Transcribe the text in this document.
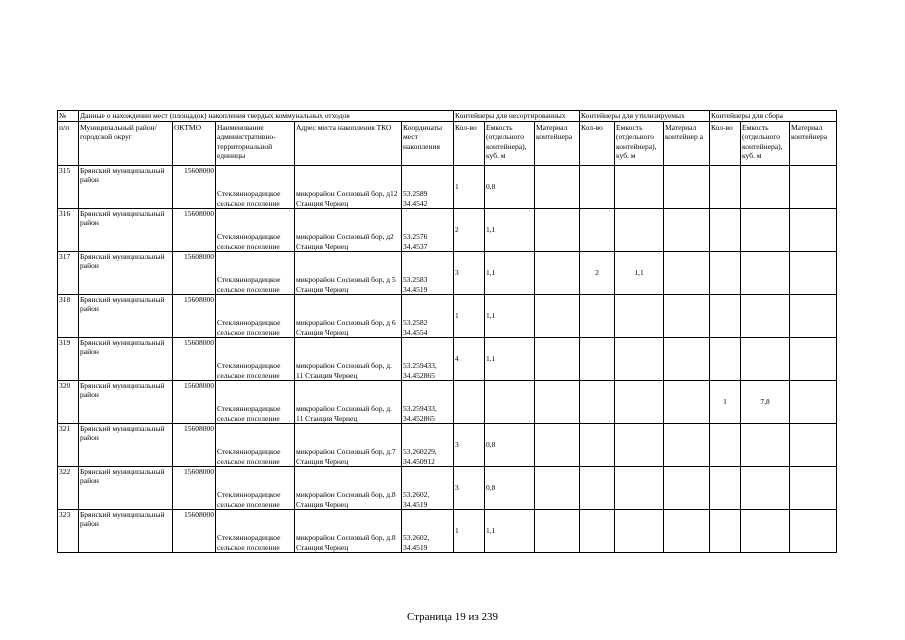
№	Данные о нахождении мест (площадок) накопления твердых коммунальных отходов					Контейнеры для несортированных			Контейнеры для утилизируемых			Контейнеры для сбора		
п/п	Муниципальный район/городской округ	ОКТМО	Наименование административно-территориальной единицы	Адрес места накопления ТКО	Координаты мест накопления	Кол-во	Емкость (отдельного контейнера), куб. м	Материал контейнера	Кол-во	Емкость (отдельного контейнера), куб. м	Материал контейнер а	Кол-во	Емкость (отдельного контейнера), куб. м	Материал контейнера
315	Брянский муниципальный район	15608000	Стекляннорадицкое сельское поселение	микрорайон Сосновый бор, д12 Станция Чернец	53.2589 34.4542	1	0,8							
316	Брянский муниципальный район	15608000	Стекляннорадицкое сельское поселение	микрорайон Сосновый бор, д2 Станция Чернец	53.2576 34.4537	2	1,1							
317	Брянский муниципальный район	15608000	Стекляннорадицкое сельское поселение	микрорайон Сосновый бор, д 5 Станция Чернец	53.2583 34.4519	3	1,1		2	1,1				
318	Брянский муниципальный район	15608000	Стекляннорадицкое сельское поселение	микрорайон Сосновый бор, д 6 Станция Чернец	53.2582 34.4554	1	1,1							
319	Брянский муниципальный район	15608000	Стекляннорадицкое сельское поселение	микрорайон Сосновый бор, д. 11 Станция Чернец	53.259433, 34.452865	4	1,1							
320	Брянский муниципальный район	15608000	Стекляннорадицкое сельское поселение	микрорайон Сосновый бор, д. 11 Станция Чернец	53.259433, 34.452865							1	7,8	
321	Брянский муниципальный район	15608000	Стекляннорадицкое сельское поселение	микрорайон Сосновый бор, д.7 Станция Чернец	53.260229, 34.450912	3	0,8							
322	Брянский муниципальный район	15608000	Стекляннорадицкое сельское поселение	микрорайон Сосновый бор, д.8 Станция Чернец	53.2602, 34.4519	3	0,8							
323	Брянский муниципальный район	15608000	Стекляннорадицкое сельское поселение	микрорайон Сосновый бор, д.8 Станция Чернец	53.2602, 34.4519	1	1,1							
Страница 19 из 239
